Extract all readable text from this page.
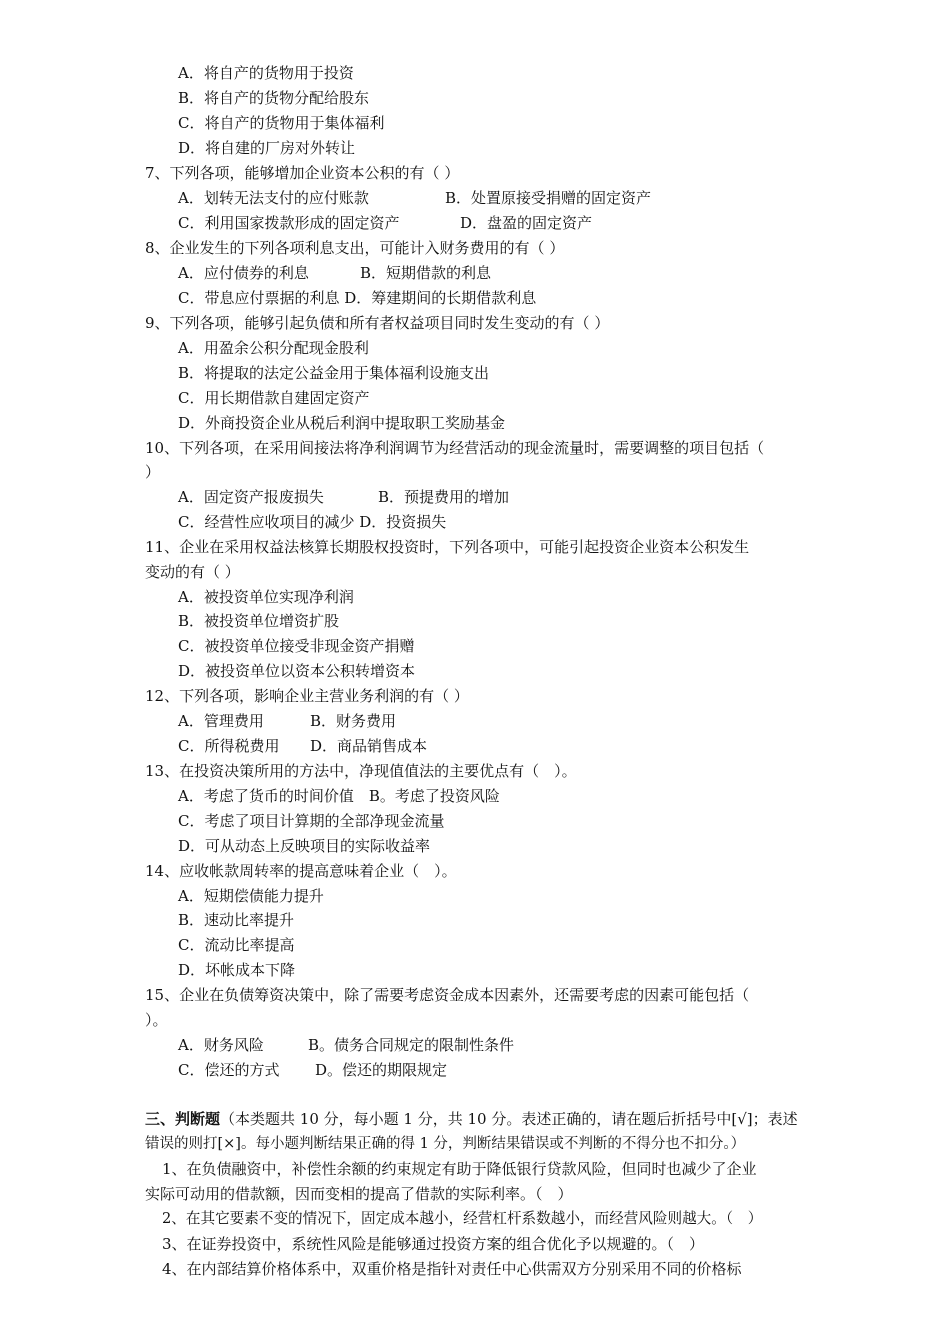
A．将自产的货物用于投资
B．将自产的货物分配给股东
C．将自产的货物用于集体福利
D．将自建的厂房对外转让
7、下列各项，能够增加企业资本公积的有（ ）
A．划转无法支付的应付账款	B．处置原接受捐赠的固定资产
C．利用国家拨款形成的固定资产	D．盘盈的固定资产
8、企业发生的下列各项利息支出，可能计入财务费用的有（ ）
A．应付债券的利息	B．短期借款的利息
C．带息应付票据的利息 D．筹建期间的长期借款利息
9、下列各项，能够引起负债和所有者权益项目同时发生变动的有（ ）
A．用盈余公积分配现金股利
B．将提取的法定公益金用于集体福利设施支出
C．用长期借款自建固定资产
D．外商投资企业从税后利润中提取职工奖励基金
10、下列各项，在采用间接法将净利润调节为经营活动的现金流量时，需要调整的项目包括（
）
A．固定资产报废损失	B．预提费用的增加
C．经营性应收项目的减少 D．投资损失
11、企业在采用权益法核算长期股权投资时，下列各项中，可能引起投资企业资本公积发生
变动的有（ ）
A．被投资单位实现净利润
B．被投资单位增资扩股
C．被投资单位接受非现金资产捐赠
D．被投资单位以资本公积转增资本
12、下列各项，影响企业主营业务利润的有（ ）
A．管理费用	B．财务费用
C．所得税费用 D．商品销售成本
13、在投资决策所用的方法中，净现值值法的主要优点有（　）。
A．考虑了货币的时间价值　B。考虑了投资风险
C．考虑了项目计算期的全部净现金流量
D．可从动态上反映项目的实际收益率
14、应收帐款周转率的提高意味着企业（　）。
A．短期偿债能力提升
B．速动比率提升
C．流动比率提高
D．坏帐成本下降
15、企业在负债筹资决策中，除了需要考虑资金成本因素外，还需要考虑的因素可能包括（
）。
A．财务风险	B。债务合同规定的限制性条件
C．偿还的方式 D。偿还的期限规定
三、判断题（本类题共 10 分，每小题 1 分，共 10 分。表述正确的，请在题后折括号中[√]；表述
错误的则打[×]。每小题判断结果正确的得 1 分，判断结果错误或不判断的不得分也不扣分。）
1、在负债融资中，补偿性余额的约束规定有助于降低银行贷款风险，但同时也减少了企业
实际可动用的借款额，因而变相的提高了借款的实际利率。（　）
2、在其它要素不变的情况下，固定成本越小，经营杠杆系数越小，而经营风险则越大。（　）
3、在证券投资中，系统性风险是能够通过投资方案的组合优化予以规避的。（　）
4、在内部结算价格体系中，双重价格是指针对责任中心供需双方分别采用不同的价格标
